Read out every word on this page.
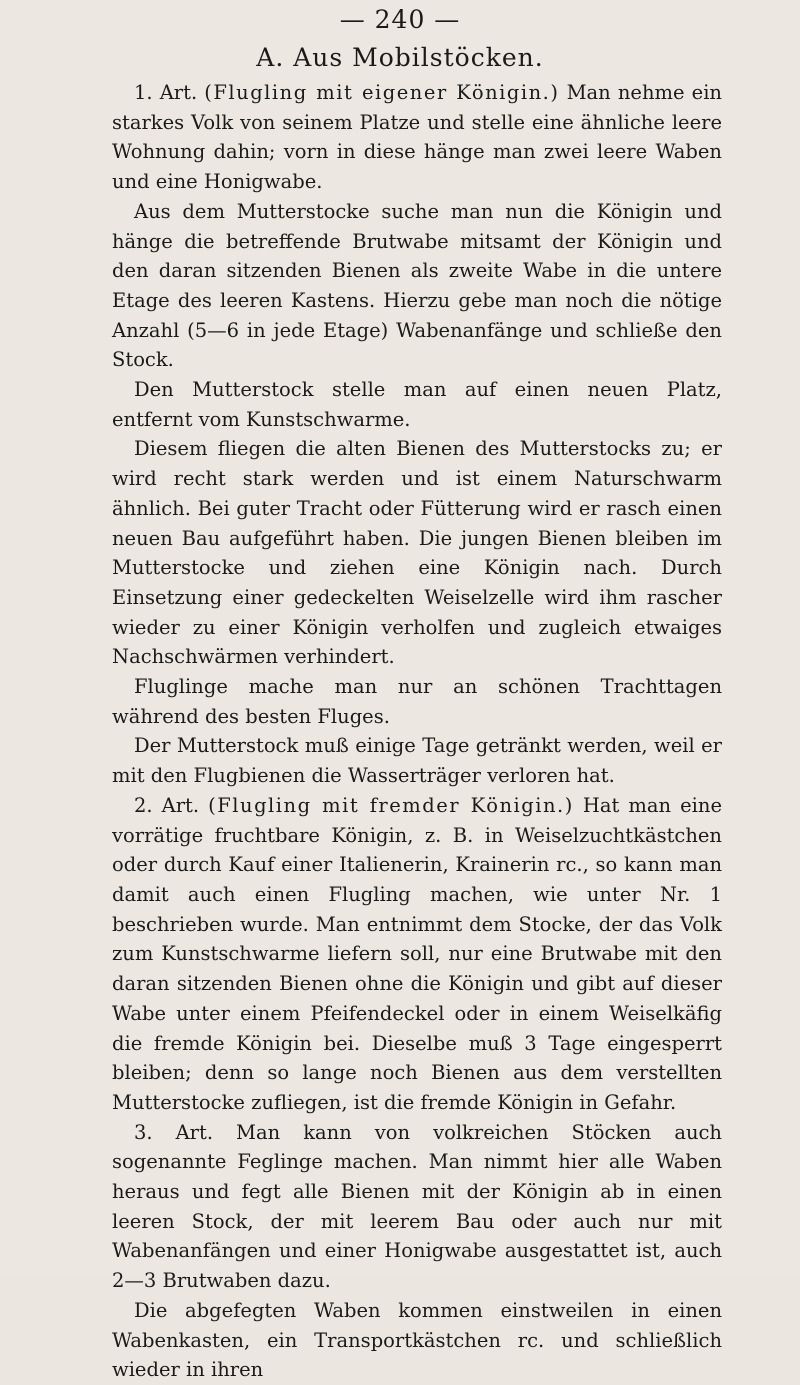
— 240 —
A. Aus Mobilstöcken.

1. Art. (Flugling mit eigener Königin.) Man nehme ein starkes Volk von seinem Platze und stelle eine ähnliche leere Wohnung dahin; vorn in diese hänge man zwei leere Waben und eine Honigwabe.

Aus dem Mutterstocke suche man nun die Königin und hänge die betreffende Brutwabe mitsamt der Königin und den daran sitzenden Bienen als zweite Wabe in die untere Etage des leeren Kastens. Hierzu gebe man noch die nötige Anzahl (5—6 in jede Etage) Wabenanfänge und schließe den Stock.

Den Mutterstock stelle man auf einen neuen Platz, entfernt vom Kunstschwarme.

Diesem fliegen die alten Bienen des Mutterstocks zu; er wird recht stark werden und ist einem Naturschwarm ähnlich. Bei guter Tracht oder Fütterung wird er rasch einen neuen Bau aufgeführt haben. Die jungen Bienen bleiben im Mutterstocke und ziehen eine Königin nach. Durch Einsetzung einer gedeckelten Weiselzelle wird ihm rascher wieder zu einer Königin verholfen und zugleich etwaiges Nachschwärmen verhindert.

Fluglinge mache man nur an schönen Trachttagen während des besten Fluges.

Der Mutterstock muß einige Tage getränkt werden, weil er mit den Flugbienen die Wasserträger verloren hat.

2. Art. (Flugling mit fremder Königin.) Hat man eine vorrätige fruchtbare Königin, z. B. in Weiselzuchtkästchen oder durch Kauf einer Italienerin, Krainerin rc., so kann man damit auch einen Flugling machen, wie unter Nr. 1 beschrieben wurde. Man entnimmt dem Stocke, der das Volk zum Kunstschwarme liefern soll, nur eine Brutwabe mit den daran sitzenden Bienen ohne die Königin und gibt auf dieser Wabe unter einem Pfeifendeckel oder in einem Weiselkäfig die fremde Königin bei. Dieselbe muß 3 Tage eingesperrt bleiben; denn so lange noch Bienen aus dem verstellten Mutterstocke zufliegen, ist die fremde Königin in Gefahr.

3. Art. Man kann von volkreichen Stöcken auch sogenannte Feglinge machen. Man nimmt hier alle Waben heraus und fegt alle Bienen mit der Königin ab in einen leeren Stock, der mit leerem Bau oder auch nur mit Wabenanfängen und einer Honigwabe ausgestattet ist, auch 2—3 Brutwaben dazu.

Die abgefegten Waben kommen einstweilen in einen Wabenkasten, ein Transportkästchen rc. und schließlich wieder in ihren
